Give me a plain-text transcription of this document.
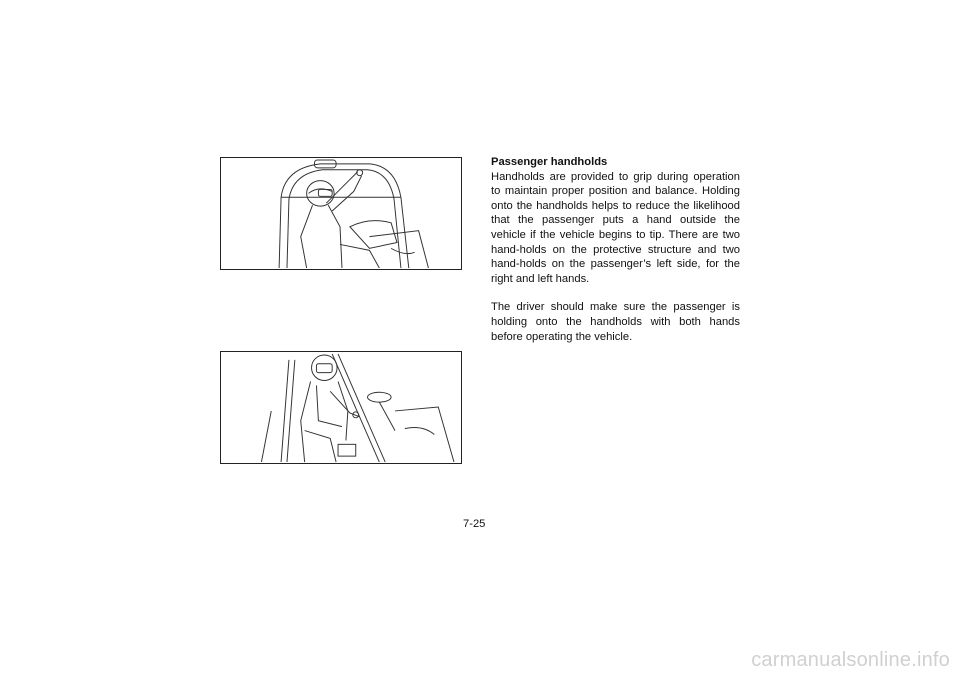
Passenger handholds

Handholds are provided to grip during operation to maintain proper position and balance. Holding onto the handholds helps to reduce the likelihood that the passenger puts a hand outside the vehicle if the vehicle begins to tip. There are two hand-holds on the protective structure and two hand-holds on the passenger’s left side, for the right and left hands.

The driver should make sure the passenger is holding onto the handholds with both hands before operating the vehicle.

7-25
carmanualsonline.info
